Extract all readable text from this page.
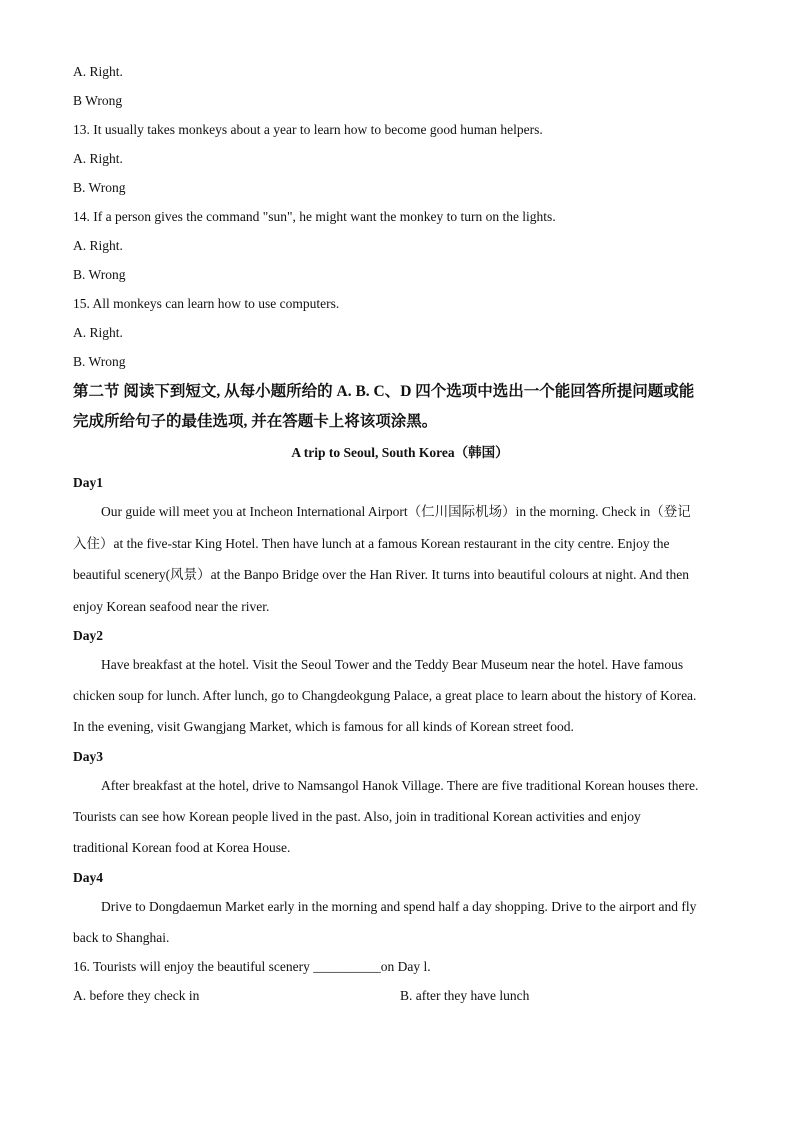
A. Right.
B Wrong
13. It usually takes monkeys about a year to learn how to become good human helpers.
A. Right.
B. Wrong
14. If a person gives the command "sun", he might want the monkey to turn on the lights.
A. Right.
B. Wrong
15. All monkeys can learn how to use computers.
A. Right.
B. Wrong
第二节 阅读下到短文, 从每小题所给的 A. B. C、D 四个选项中选出一个能回答所提问题或能
完成所给句子的最佳选项, 并在答题卡上将该项涂黑。
A trip to Seoul, South Korea（韩国）
Day1
Our guide will meet you at Incheon International Airport（仁川国际机场）in the morning. Check in（登记
入住）at the five-star King Hotel. Then have lunch at a famous Korean restaurant in the city centre. Enjoy the
beautiful scenery(风景）at the Banpo Bridge over the Han River. It turns into beautiful colours at night. And then
enjoy Korean seafood near the river.
Day2
Have breakfast at the hotel. Visit the Seoul Tower and the Teddy Bear Museum near the hotel. Have famous
chicken soup for lunch. After lunch, go to Changdeokgung Palace, a great place to learn about the history of Korea.
In the evening, visit Gwangjang Market, which is famous for all kinds of Korean street food.
Day3
After breakfast at the hotel, drive to Namsangol Hanok Village. There are five traditional Korean houses there.
Tourists can see how Korean people lived in the past. Also, join in traditional Korean activities and enjoy
traditional Korean food at Korea House.
Day4
Drive to Dongdaemun Market early in the morning and spend half a day shopping. Drive to the airport and fly
back to Shanghai.
16. Tourists will enjoy the beautiful scenery __________on Day l.
A. before they check in	B. after they have lunch
